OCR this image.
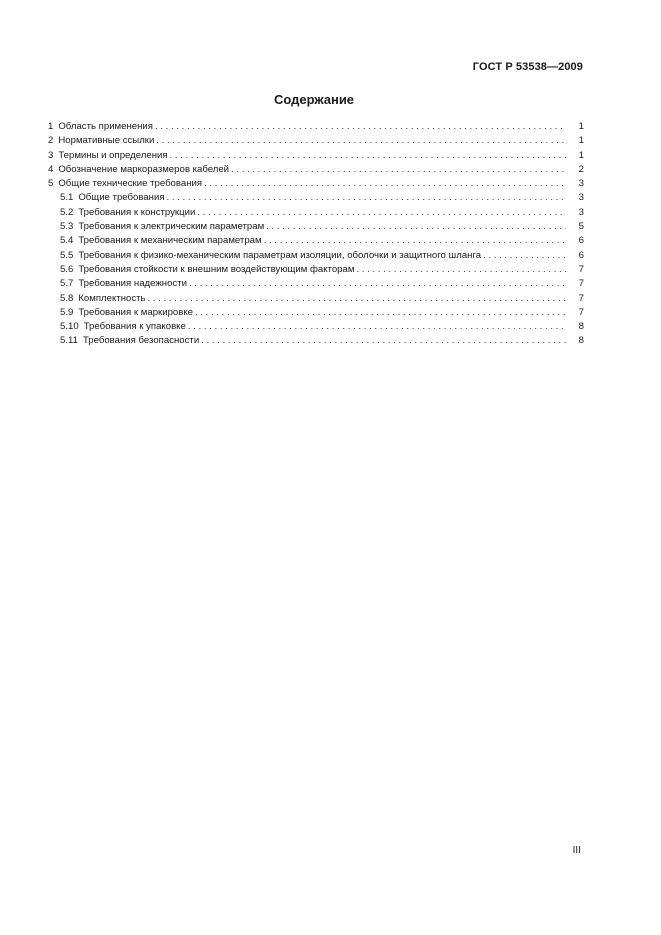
ГОСТ Р 53538—2009
Содержание
1 Область применения . . .	1
2 Нормативные ссылки . . .	1
3 Термины и определения . . .	1
4 Обозначение маркоразмеров кабелей . . .	2
5 Общие технические требования . . .	3
5.1 Общие требования . . .	3
5.2 Требования к конструкции . . .	3
5.3 Требования к электрическим параметрам . . .	5
5.4 Требования к механическим параметрам . . .	6
5.5 Требования к физико-механическим параметрам изоляции, оболочки и защитного шланга . . .	6
5.6 Требования стойкости к внешним воздействующим факторам . . .	7
5.7 Требования надежности . . .	7
5.8 Комплектность . . .	7
5.9 Требования к маркировке . . .	7
5.10 Требования к упаковке . . .	8
5.11 Требования безопасности . . .	8
III
